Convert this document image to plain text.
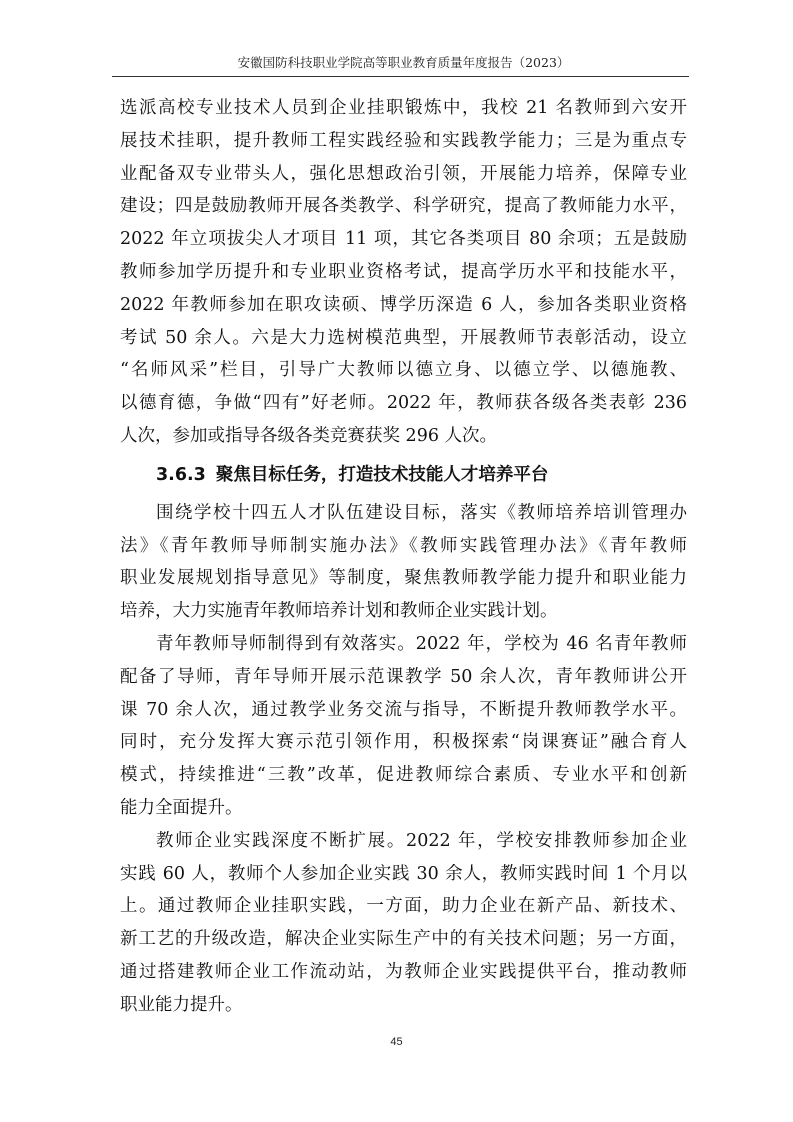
安徽国防科技职业学院高等职业教育质量年度报告（2023）
选派高校专业技术人员到企业挂职锻炼中，我校 21 名教师到六安开
展技术挂职，提升教师工程实践经验和实践教学能力；三是为重点专
业配备双专业带头人，强化思想政治引领，开展能力培养，保障专业
建设；四是鼓励教师开展各类教学、科学研究，提高了教师能力水平，
2022 年立项拔尖人才项目 11 项，其它各类项目 80 余项；五是鼓励
教师参加学历提升和专业职业资格考试，提高学历水平和技能水平，
2022 年教师参加在职攻读硕、博学历深造 6 人，参加各类职业资格
考试 50 余人。六是大力选树模范典型，开展教师节表彰活动，设立
“名师风采”栏目，引导广大教师以德立身、以德立学、以德施教、
以德育德，争做“四有”好老师。2022 年，教师获各级各类表彰 236
人次，参加或指导各级各类竞赛获奖 296 人次。
3.6.3 聚焦目标任务，打造技术技能人才培养平台
围绕学校十四五人才队伍建设目标，落实《教师培养培训管理办
法》《青年教师导师制实施办法》《教师实践管理办法》《青年教师
职业发展规划指导意见》等制度，聚焦教师教学能力提升和职业能力
培养，大力实施青年教师培养计划和教师企业实践计划。
青年教师导师制得到有效落实。2022 年，学校为 46 名青年教师
配备了导师，青年导师开展示范课教学 50 余人次，青年教师讲公开
课 70 余人次，通过教学业务交流与指导，不断提升教师教学水平。
同时，充分发挥大赛示范引领作用，积极探索“岗课赛证”融合育人
模式，持续推进“三教”改革，促进教师综合素质、专业水平和创新
能力全面提升。
教师企业实践深度不断扩展。2022 年，学校安排教师参加企业
实践 60 人，教师个人参加企业实践 30 余人，教师实践时间 1 个月以
上。通过教师企业挂职实践，一方面，助力企业在新产品、新技术、
新工艺的升级改造，解决企业实际生产中的有关技术问题；另一方面，
通过搭建教师企业工作流动站，为教师企业实践提供平台，推动教师
职业能力提升。
45
